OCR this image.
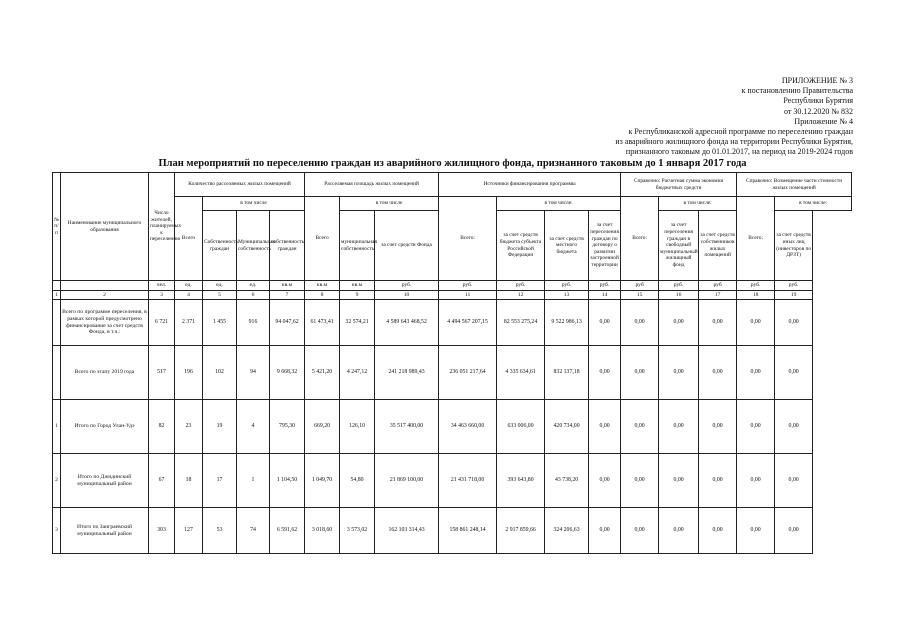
ПРИЛОЖЕНИЕ № 3
к постановлению Правительства
Республики Бурятия
от 30.12.2020 № 832
Приложение № 4
к Республиканской адресной программе по переселению граждан
из аварийного жилищного фонда на территории Республики Бурятия,
признанного таковым до 01.01.2017, на период на 2019-2024 годов
План мероприятий по переселению граждан из аварийного жилищного фонда, признанного таковым до 1 января 2017 года
№ п/п	Наименование муниципального образования	Число жителей, планируемых к переселению	Количество расселяемых жилых помещений				Расселяемая площадь жилых помещений			Источники финансирования программы				Справочно: Расчетная сумма экономии бюджетных средств			Справочно: Возмещение части стоимости жилых помещений	
			Всего	в том числе			Всего	в том числе		Всего:	в том числе:			Всего:	в том числе:		Всего:	в том числе:
				Собственность граждан	Муниципальная собственность	собственность граждан		муниципальная собственность	за счет средств Фонда		за счет средств бюджета субъекта Российской Федерации	за счет средств местного бюджета	за счет переселения граждан по договору о развитии застроенной территории		за счет переселения граждан в свободный муниципальный жилищный фонд	за счет средств собственников жилых помещений		за счет средств иных лиц (инвесторов по ДРЗТ)
		чел.	ед.	ед.	ед.	кв.м	кв.м	кв.м	руб.	руб.	руб.	руб.	руб.	руб	руб.	руб	руб.	руб.
1	2	3	4	5	6	7	8	9	10	11	12	13	14	15	16	17	18	19
	Всего по программе переселения, в рамках которой предусмотрено финансирование за счет средств Фонда, в т.ч.:	6 721	2 371	1 455	916	94 047,62	61 473,41	32 574,21	4 589 643 468,52	4 494 567 207,15	82 553 275,24	9 522 986,13	0,00	0,00	0,00	0,00	0,00	0,00
	Всего по этапу 2019 года	517	196	102	94	9 668,32	5 421,20	4 247,12	241 218 989,43	236 051 217,64	4 335 634,61	832 137,18	0,00	0,00	0,00	0,00	0,00	0,00
1	Итого по Город Улан-Удэ	82	23	19	4	795,30	669,20	126,10	35 517 400,00	34 463 660,00	633 006,00	420 734,00	0,00	0,00	0,00	0,00	0,00	0,00
2	Итого по Джидинский муниципальный район	67	18	17	1	1 104,50	1 049,70	54,80	21 869 100,00	21 431 718,00	393 643,80	43 738,20	0,00	0,00	0,00	0,00	0,00	0,00
3	Итого по Заиграевский муниципальный район	303	127	53	74	6 591,62	3 018,60	3 573,02	162 103 314,43	158 861 248,14	2 917 859,66	324 206,63	0,00	0,00	0,00	0,00	0,00	0,00
